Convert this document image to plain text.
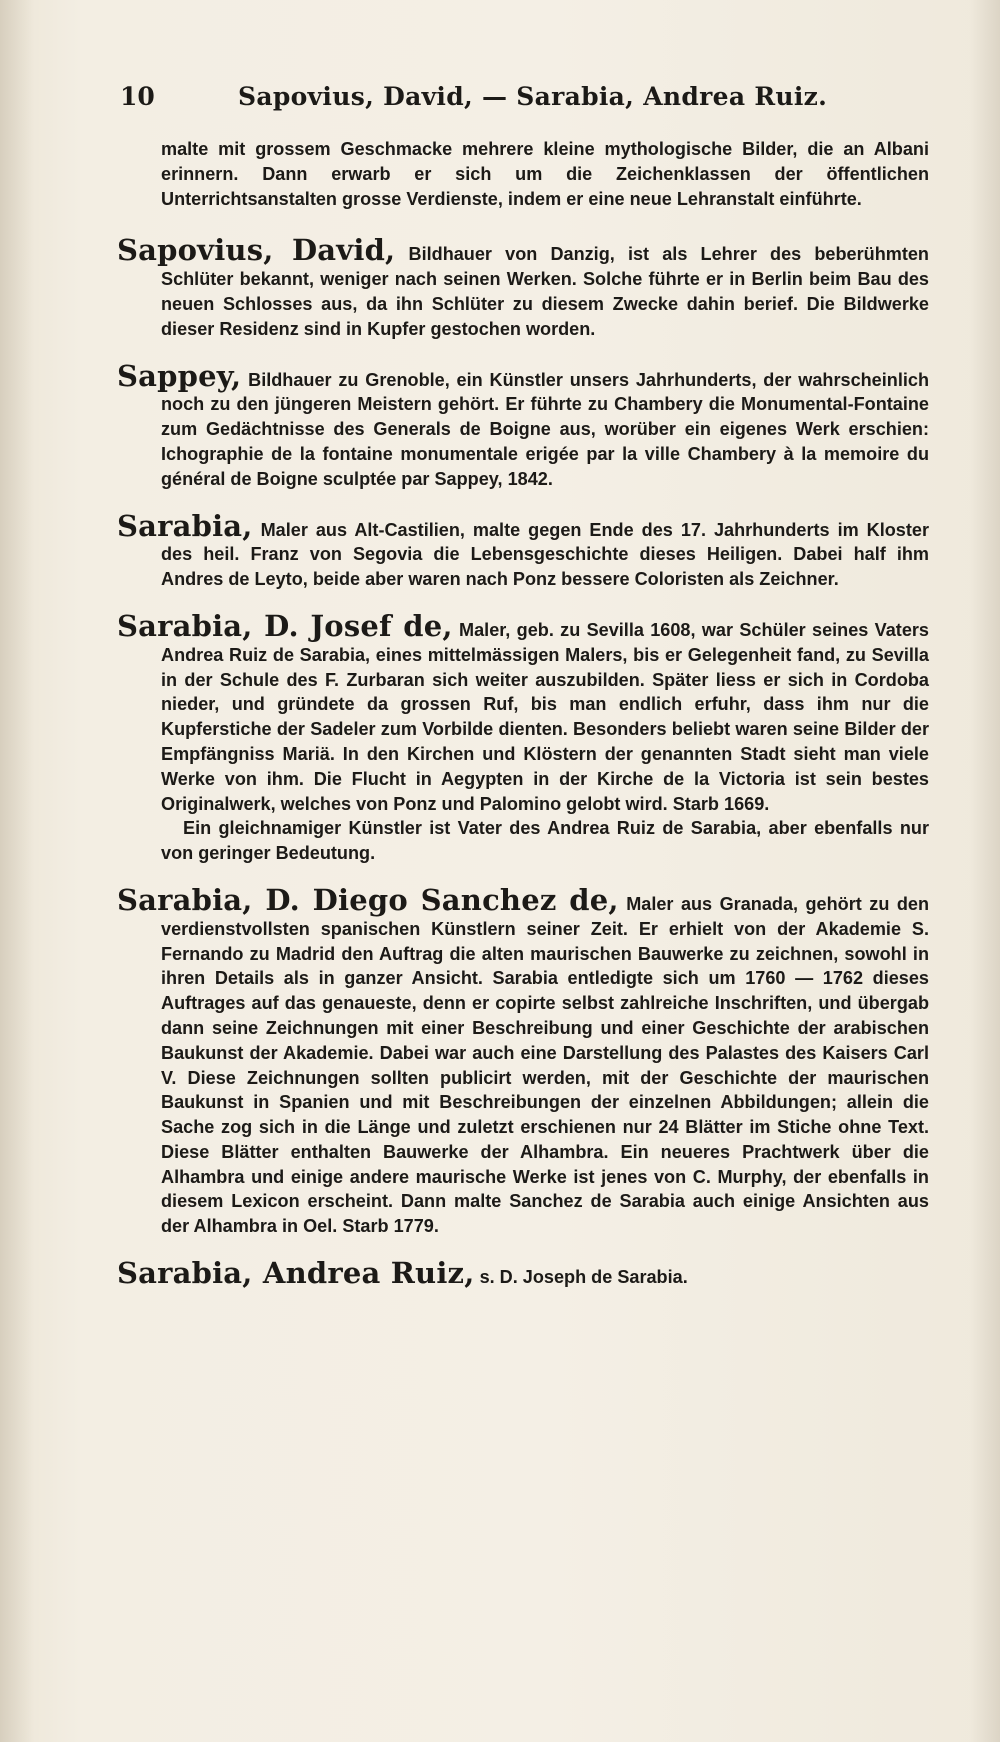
10	Sapovius, David, — Sarabia, Andrea Ruiz.

malte mit grossem Geschmacke mehrere kleine mythologische Bilder, die an Albani erinnern. Dann erwarb er sich um die Zeichenklassen der öffentlichen Unterrichtsanstalten grosse Verdienste, indem er eine neue Lehranstalt einführte.

Sapovius, David, Bildhauer von Danzig, ist als Lehrer des beberühmten Schlüter bekannt, weniger nach seinen Werken. Solche führte er in Berlin beim Bau des neuen Schlosses aus, da ihn Schlüter zu diesem Zwecke dahin berief. Die Bildwerke dieser Residenz sind in Kupfer gestochen worden.

Sappey, Bildhauer zu Grenoble, ein Künstler unsers Jahrhunderts, der wahrscheinlich noch zu den jüngeren Meistern gehört. Er führte zu Chambery die Monumental-Fontaine zum Gedächtnisse des Generals de Boigne aus, worüber ein eigenes Werk erschien: Ichographie de la fontaine monumentale erigée par la ville Chambery à la memoire du général de Boigne sculptée par Sappey, 1842.

Sarabia, Maler aus Alt-Castilien, malte gegen Ende des 17. Jahrhunderts im Kloster des heil. Franz von Segovia die Lebensgeschichte dieses Heiligen. Dabei half ihm Andres de Leyto, beide aber waren nach Ponz bessere Coloristen als Zeichner.

Sarabia, D. Josef de, Maler, geb. zu Sevilla 1608, war Schüler seines Vaters Andrea Ruiz de Sarabia, eines mittelmässigen Malers, bis er Gelegenheit fand, zu Sevilla in der Schule des F. Zurbaran sich weiter auszubilden. Später liess er sich in Cordoba nieder, und gründete da grossen Ruf, bis man endlich erfuhr, dass ihm nur die Kupferstiche der Sadeler zum Vorbilde dienten. Besonders beliebt waren seine Bilder der Empfängniss Mariä. In den Kirchen und Klöstern der genannten Stadt sieht man viele Werke von ihm. Die Flucht in Aegypten in der Kirche de la Victoria ist sein bestes Originalwerk, welches von Ponz und Palomino gelobt wird. Starb 1669.
Ein gleichnamiger Künstler ist Vater des Andrea Ruiz de Sarabia, aber ebenfalls nur von geringer Bedeutung.

Sarabia, D. Diego Sanchez de, Maler aus Granada, gehört zu den verdienstvollsten spanischen Künstlern seiner Zeit. Er erhielt von der Akademie S. Fernando zu Madrid den Auftrag die alten maurischen Bauwerke zu zeichnen, sowohl in ihren Details als in ganzer Ansicht. Sarabia entledigte sich um 1760 — 1762 dieses Auftrages auf das genaueste, denn er copirte selbst zahlreiche Inschriften, und übergab dann seine Zeichnungen mit einer Beschreibung und einer Geschichte der arabischen Baukunst der Akademie. Dabei war auch eine Darstellung des Palastes des Kaisers Carl V. Diese Zeichnungen sollten publicirt werden, mit der Geschichte der maurischen Baukunst in Spanien und mit Beschreibungen der einzelnen Abbildungen; allein die Sache zog sich in die Länge und zuletzt erschienen nur 24 Blätter im Stiche ohne Text. Diese Blätter enthalten Bauwerke der Alhambra. Ein neueres Prachtwerk über die Alhambra und einige andere maurische Werke ist jenes von C. Murphy, der ebenfalls in diesem Lexicon erscheint. Dann malte Sanchez de Sarabia auch einige Ansichten aus der Alhambra in Oel. Starb 1779.

Sarabia, Andrea Ruiz, s. D. Joseph de Sarabia.
